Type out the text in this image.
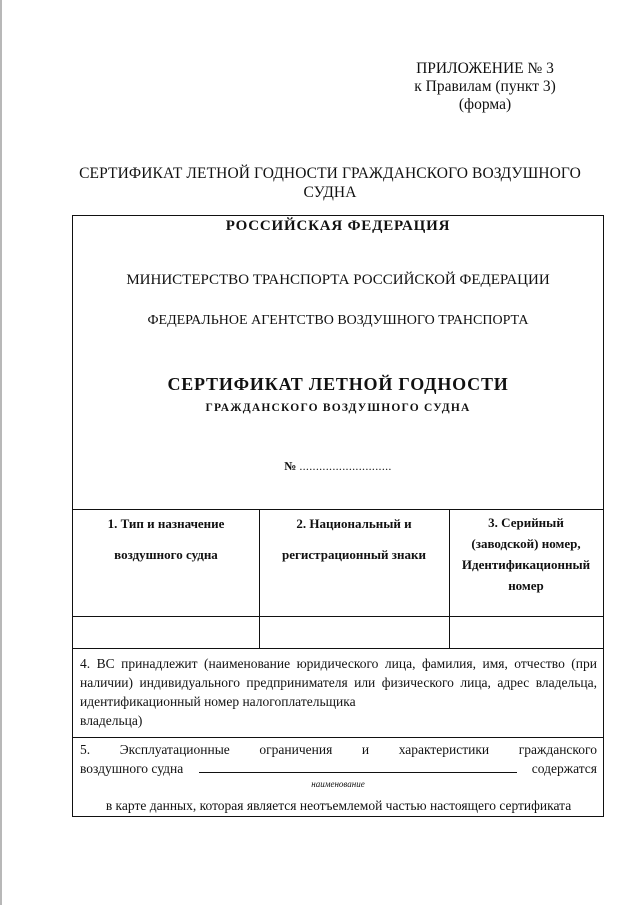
ПРИЛОЖЕНИЕ № 3
к Правилам (пункт 3)
(форма)
СЕРТИФИКАТ ЛЕТНОЙ ГОДНОСТИ ГРАЖДАНСКОГО ВОЗДУШНОГО
СУДНА
РОССИЙСКАЯ ФЕДЕРАЦИЯ
МИНИСТЕРСТВО ТРАНСПОРТА РОССИЙСКОЙ ФЕДЕРАЦИИ
ФЕДЕРАЛЬНОЕ АГЕНТСТВО ВОЗДУШНОГО ТРАНСПОРТА
СЕРТИФИКАТ ЛЕТНОЙ ГОДНОСТИ
ГРАЖДАНСКОГО ВОЗДУШНОГО СУДНА
№ ............................
1. Тип и назначение
воздушного судна
2. Национальный и
регистрационный знаки
3. Серийный
(заводской) номер,
Идентификационный
номер
4. ВС принадлежит (наименование юридического лица, фамилия, имя, отчество (при наличии) индивидуального предпринимателя или физического лица, адрес владельца, идентификационный номер налогоплательщика
владельца)
5. Эксплуатационные ограничения и характеристики гражданского
воздушного судна	содержатся
наименование
в карте данных, которая является неотъемлемой частью настоящего сертификата
